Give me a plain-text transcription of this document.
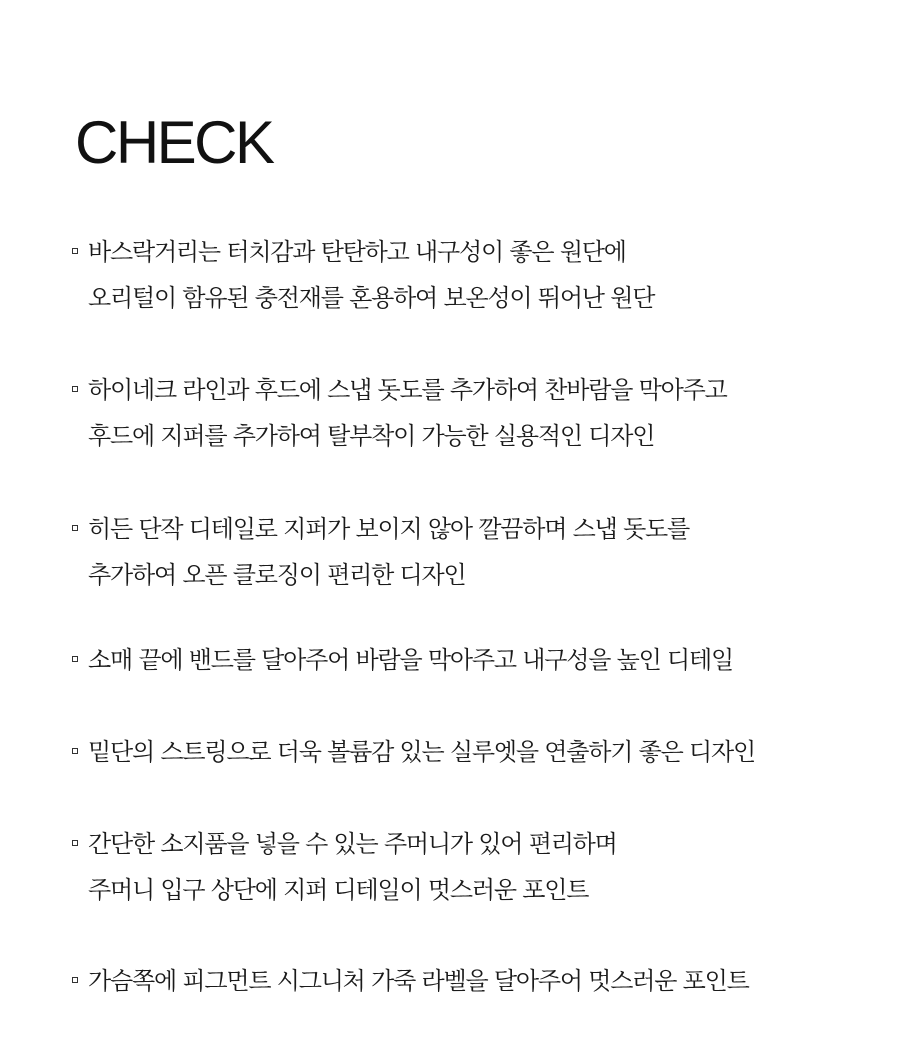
CHECK
바스락거리는 터치감과 탄탄하고 내구성이 좋은 원단에
오리털이 함유된 충전재를 혼용하여 보온성이 뛰어난 원단
하이네크 라인과 후드에 스냅 돗도를 추가하여 찬바람을 막아주고
후드에 지퍼를 추가하여 탈부착이 가능한 실용적인 디자인
히든 단작 디테일로 지퍼가 보이지 않아 깔끔하며 스냅 돗도를
추가하여 오픈 클로징이 편리한 디자인
소매 끝에 밴드를 달아주어 바람을 막아주고 내구성을 높인 디테일
밑단의 스트링으로 더욱 볼륨감 있는 실루엣을 연출하기 좋은 디자인
간단한 소지품을 넣을 수 있는 주머니가 있어 편리하며
주머니 입구 상단에 지퍼 디테일이 멋스러운 포인트
가슴쪽에 피그먼트 시그니처 가죽 라벨을 달아주어 멋스러운 포인트
